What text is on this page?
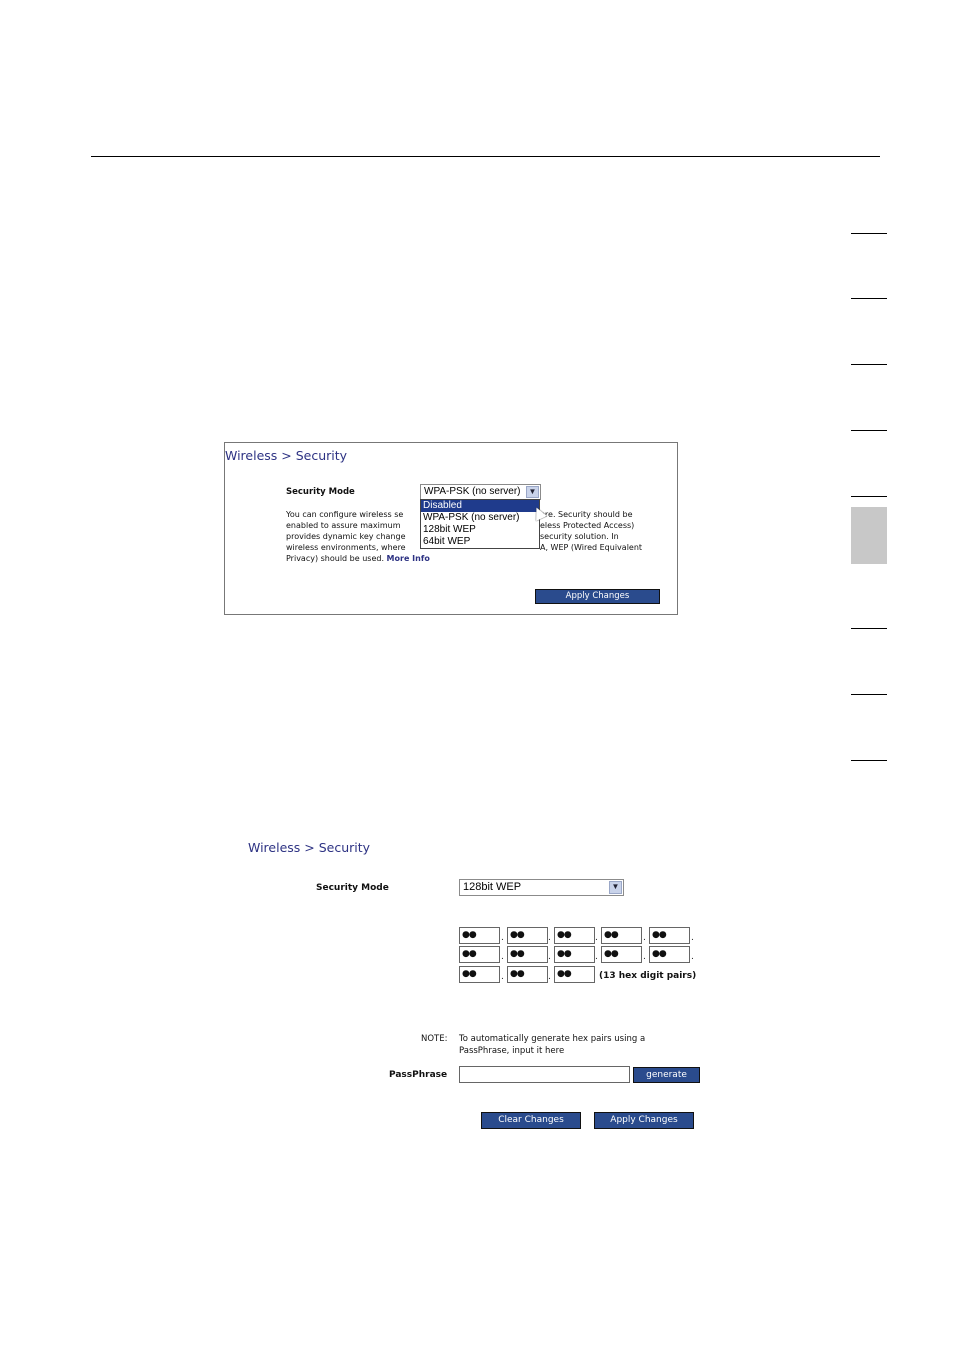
Wireless > Security
Security Mode
You can configure wireless se
enabled to assure maximum
provides dynamic key change
wireless environments, where
Privacy) should be used. More Info
ere. Security should be
eless Protected Access)
security solution. In
A, WEP (Wired Equivalent
WPA-PSK (no server)	▼
Disabled
WPA-PSK (no server)
128bit WEP
64bit WEP
Apply Changes
Wireless > Security
Security Mode	128bit WEP	▼
●●	●●	●●	●●	●●
●●	●●	●●	●●	●●
●●	●●	●●
.	.	.	.	.
.	.	.	.	.
.	.	(13 hex digit pairs)
NOTE: To automatically generate hex pairs using a
PassPhrase, input it here
PassPhrase	generate
Clear Changes	Apply Changes
